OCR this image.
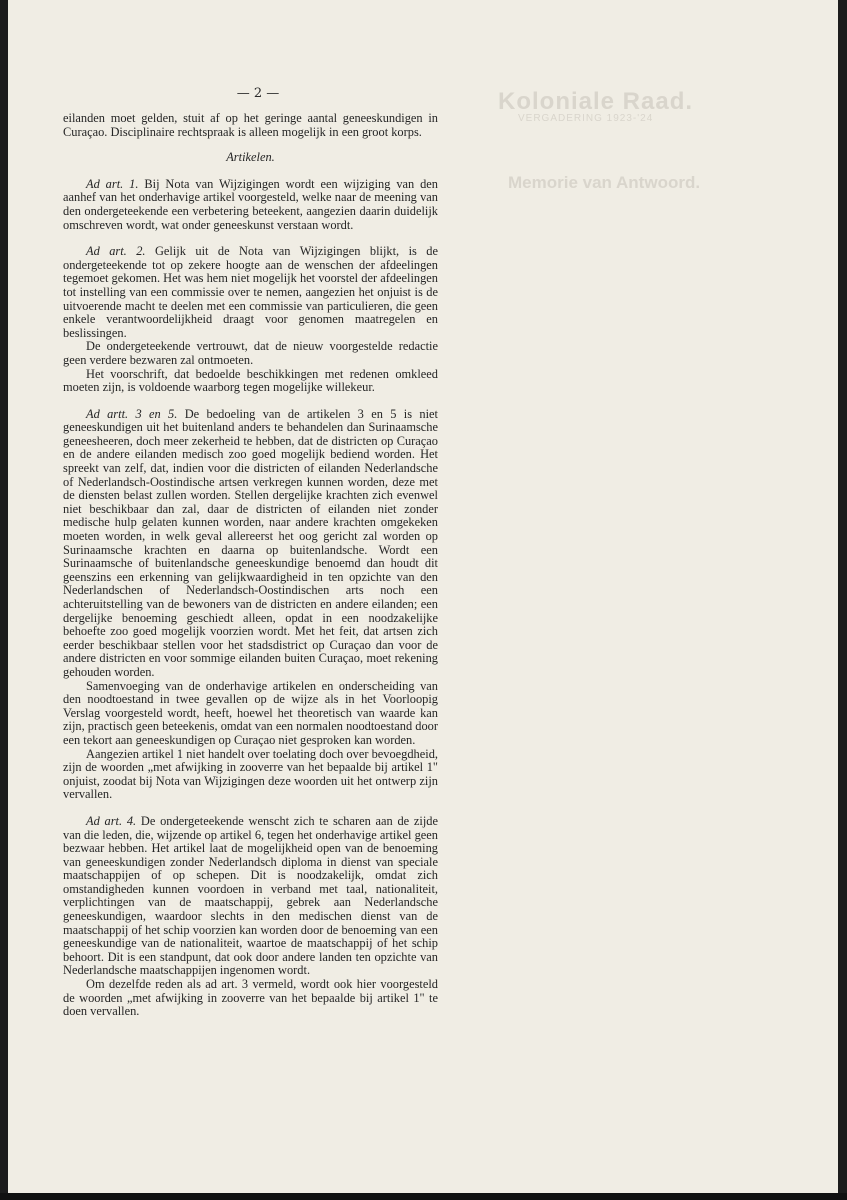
Koloniale Raad.
VERGADERING 1923-'24
Memorie van Antwoord.
— 2 —

eilanden moet gelden, stuit af op het geringe aantal geneeskundigen in Curaçao. Disciplinaire rechtspraak is alleen mogelijk in een groot korps.

Artikelen.

Ad art. 1. Bij Nota van Wijzigingen wordt een wijziging van den aanhef van het onderhavige artikel voorgesteld, welke naar de meening van den ondergeteekende een verbetering beteekent, aangezien daarin duidelijk omschreven wordt, wat onder geneeskunst verstaan wordt.

Ad art. 2. Gelijk uit de Nota van Wijzigingen blijkt, is de ondergeteekende tot op zekere hoogte aan de wenschen der afdeelingen tegemoet gekomen. Het was hem niet mogelijk het voorstel der afdeelingen tot instelling van een commissie over te nemen, aangezien het onjuist is de uitvoerende macht te deelen met een commissie van particulieren, die geen enkele verantwoordelijkheid draagt voor genomen maatregelen en beslissingen.

De ondergeteekende vertrouwt, dat de nieuw voorgestelde redactie geen verdere bezwaren zal ontmoeten.

Het voorschrift, dat bedoelde beschikkingen met redenen omkleed moeten zijn, is voldoende waarborg tegen mogelijke willekeur.

Ad artt. 3 en 5. De bedoeling van de artikelen 3 en 5 is niet geneeskundigen uit het buitenland anders te behandelen dan Surinaamsche geneesheeren, doch meer zekerheid te hebben, dat de districten op Curaçao en de andere eilanden medisch zoo goed mogelijk bediend worden. Het spreekt van zelf, dat, indien voor die districten of eilanden Nederlandsche of Nederlandsch-Oostindische artsen verkregen kunnen worden, deze met de diensten belast zullen worden. Stellen dergelijke krachten zich evenwel niet beschikbaar dan zal, daar de districten of eilanden niet zonder medische hulp gelaten kunnen worden, naar andere krachten omgekeken moeten worden, in welk geval allereerst het oog gericht zal worden op Surinaamsche krachten en daarna op buitenlandsche. Wordt een Surinaamsche of buitenlandsche geneeskundige benoemd dan houdt dit geenszins een erkenning van gelijkwaardigheid in ten opzichte van den Nederlandschen of Nederlandsch-Oostindischen arts noch een achteruitstelling van de bewoners van de districten en andere eilanden; een dergelijke benoeming geschiedt alleen, opdat in een noodzakelijke behoefte zoo goed mogelijk voorzien wordt. Met het feit, dat artsen zich eerder beschikbaar stellen voor het stadsdistrict op Curaçao dan voor de andere districten en voor sommige eilanden buiten Curaçao, moet rekening gehouden worden.

Samenvoeging van de onderhavige artikelen en onderscheiding van den noodtoestand in twee gevallen op de wijze als in het Voorloopig Verslag voorgesteld wordt, heeft, hoewel het theoretisch van waarde kan zijn, practisch geen beteekenis, omdat van een normalen noodtoestand door een tekort aan geneeskundigen op Curaçao niet gesproken kan worden.

Aangezien artikel 1 niet handelt over toelating doch over bevoegdheid, zijn de woorden „met afwijking in zooverre van het bepaalde bij artikel 1" onjuist, zoodat bij Nota van Wijzigingen deze woorden uit het ontwerp zijn vervallen.

Ad art. 4. De ondergeteekende wenscht zich te scharen aan de zijde van die leden, die, wijzende op artikel 6, tegen het onderhavige artikel geen bezwaar hebben. Het artikel laat de mogelijkheid open van de benoeming van geneeskundigen zonder Nederlandsch diploma in dienst van speciale maatschappijen of op schepen. Dit is noodzakelijk, omdat zich omstandigheden kunnen voordoen in verband met taal, nationaliteit, verplichtingen van de maatschappij, gebrek aan Nederlandsche geneeskundigen, waardoor slechts in den medischen dienst van de maatschappij of het schip voorzien kan worden door de benoeming van een geneeskundige van de nationaliteit, waartoe de maatschappij of het schip behoort. Dit is een standpunt, dat ook door andere landen ten opzichte van Nederlandsche maatschappijen ingenomen wordt.

Om dezelfde reden als ad art. 3 vermeld, wordt ook hier voorgesteld de woorden „met afwijking in zooverre van het bepaalde bij artikel 1" te doen vervallen.
